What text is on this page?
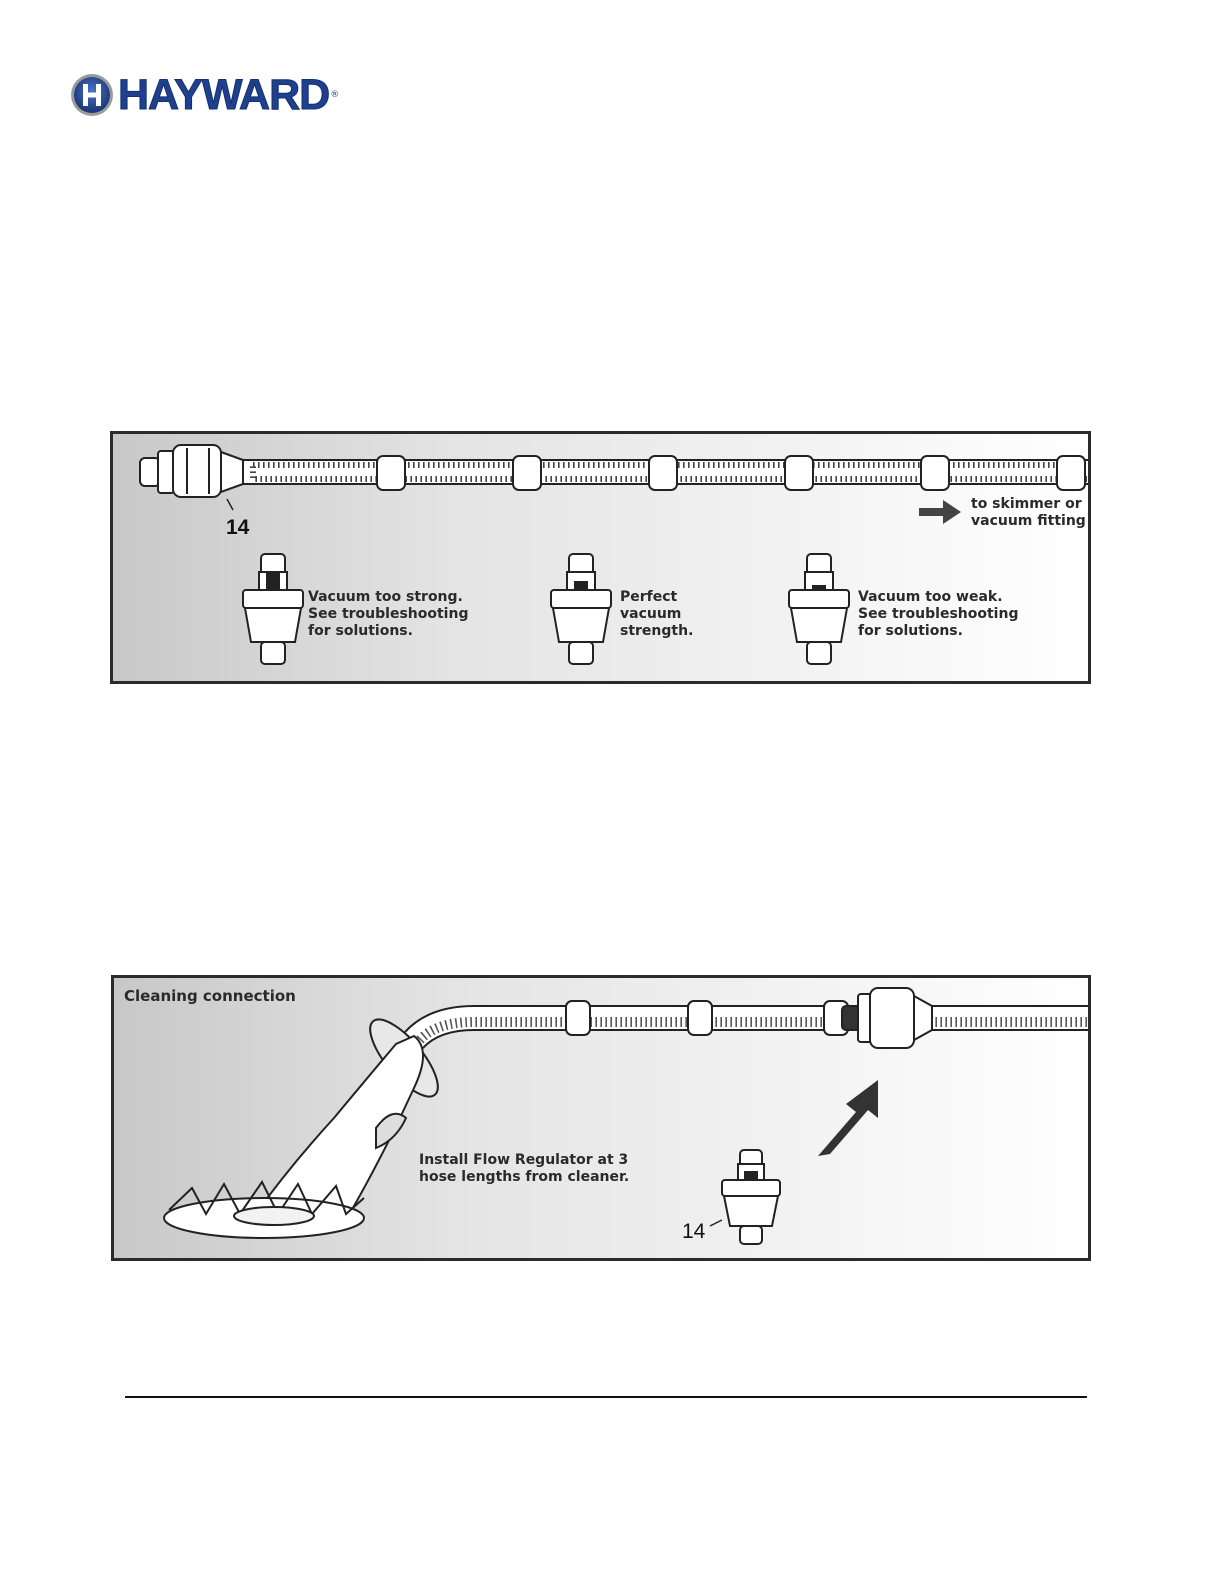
HAYWARD ®
14
to skimmer or
vacuum fitting
Vacuum too strong.
See troubleshooting
for solutions.
Perfect
vacuum
strength.
Vacuum too weak.
See troubleshooting
for solutions.
Cleaning connection
Install Flow Regulator at 3
hose lengths from cleaner.
14
